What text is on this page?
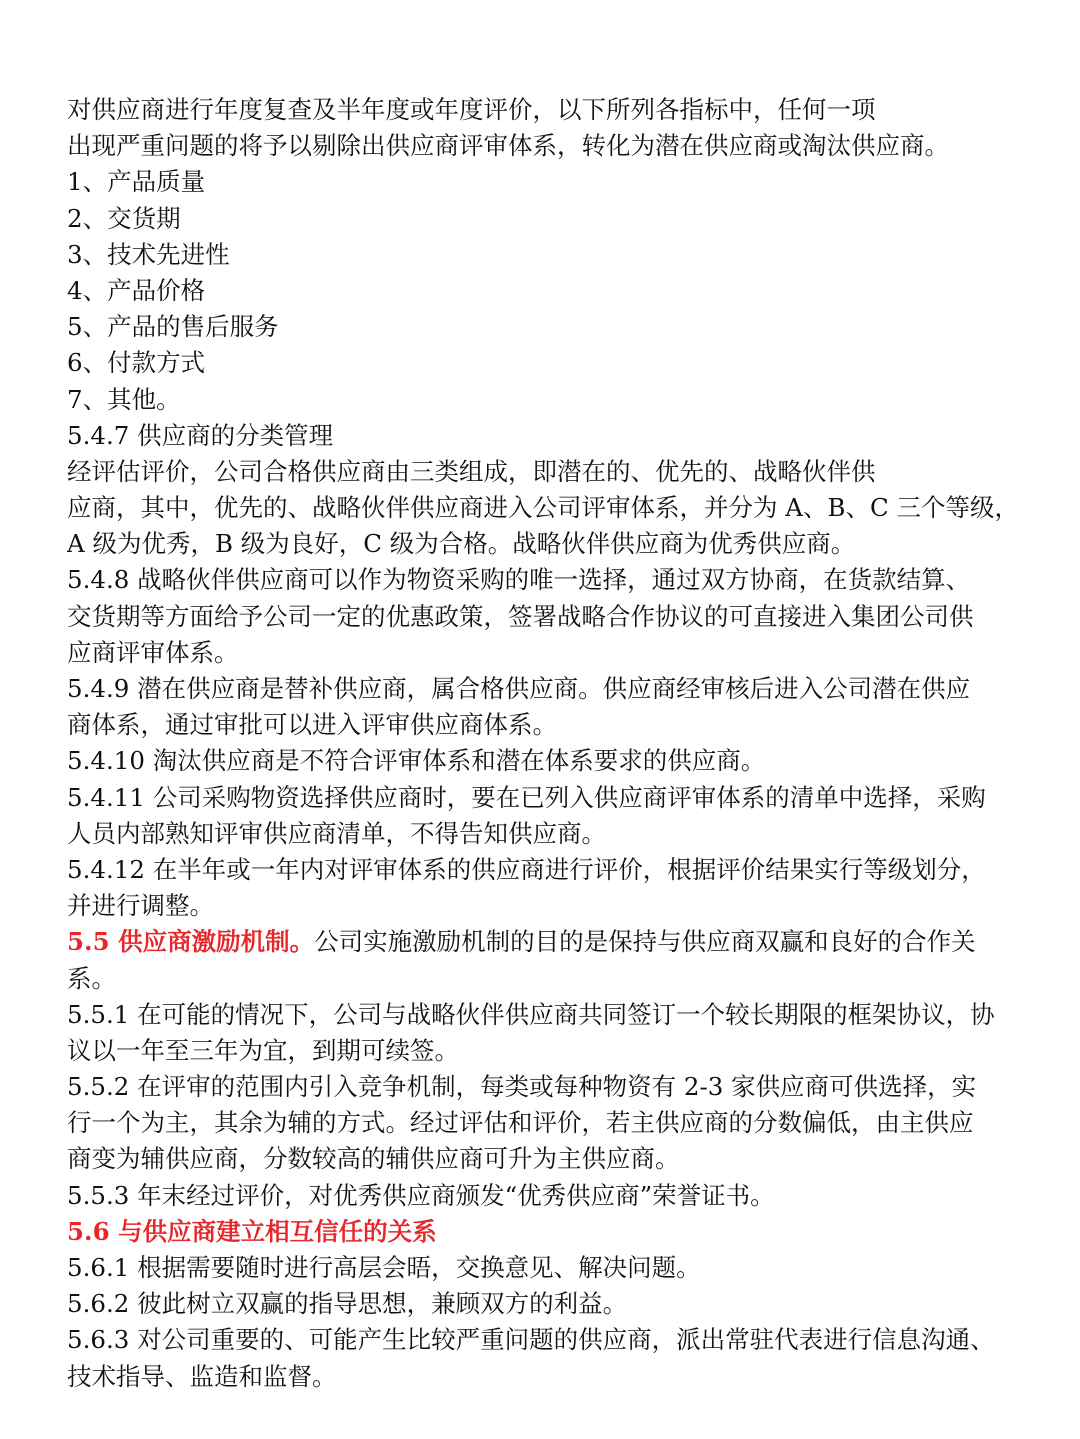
对供应商进行年度复查及半年度或年度评价，以下所列各指标中，任何一项
出现严重问题的将予以剔除出供应商评审体系，转化为潜在供应商或淘汰供应商。
1、产品质量
2、交货期
3、技术先进性
4、产品价格
5、产品的售后服务
6、付款方式
7、其他。
5.4.7 供应商的分类管理
经评估评价，公司合格供应商由三类组成，即潜在的、优先的、战略伙伴供
应商，其中，优先的、战略伙伴供应商进入公司评审体系，并分为 A、B、C 三个等级，
A 级为优秀，B 级为良好，C 级为合格。战略伙伴供应商为优秀供应商。
5.4.8 战略伙伴供应商可以作为物资采购的唯一选择，通过双方协商，在货款结算、
交货期等方面给予公司一定的优惠政策，签署战略合作协议的可直接进入集团公司供
应商评审体系。
5.4.9 潜在供应商是替补供应商，属合格供应商。供应商经审核后进入公司潜在供应
商体系，通过审批可以进入评审供应商体系。
5.4.10 淘汰供应商是不符合评审体系和潜在体系要求的供应商。
5.4.11 公司采购物资选择供应商时，要在已列入供应商评审体系的清单中选择，采购
人员内部熟知评审供应商清单，不得告知供应商。
5.4.12 在半年或一年内对评审体系的供应商进行评价，根据评价结果实行等级划分，
并进行调整。
5.5 供应商激励机制。公司实施激励机制的目的是保持与供应商双赢和良好的合作关
系。
5.5.1 在可能的情况下，公司与战略伙伴供应商共同签订一个较长期限的框架协议，协
议以一年至三年为宜，到期可续签。
5.5.2 在评审的范围内引入竞争机制，每类或每种物资有 2-3 家供应商可供选择，实
行一个为主，其余为辅的方式。经过评估和评价，若主供应商的分数偏低，由主供应
商变为辅供应商，分数较高的辅供应商可升为主供应商。
5.5.3 年末经过评价，对优秀供应商颁发“优秀供应商”荣誉证书。
5.6 与供应商建立相互信任的关系
5.6.1 根据需要随时进行高层会晤，交换意见、解决问题。
5.6.2 彼此树立双赢的指导思想，兼顾双方的利益。
5.6.3 对公司重要的、可能产生比较严重问题的供应商，派出常驻代表进行信息沟通、
技术指导、监造和监督。
